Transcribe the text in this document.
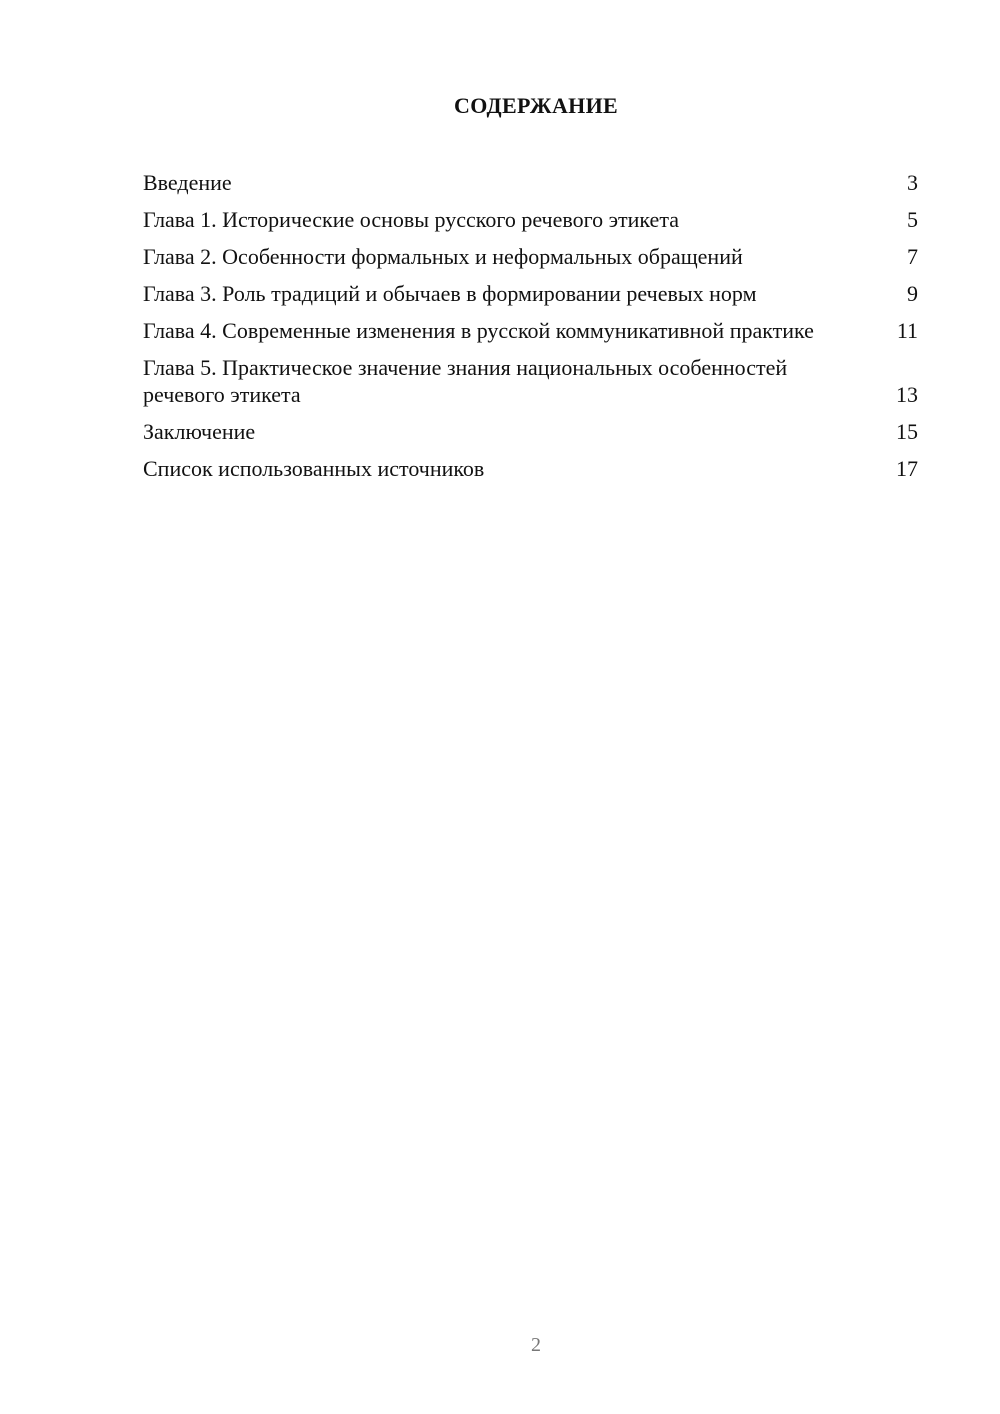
СОДЕРЖАНИЕ
Введение	3
Глава 1. Исторические основы русского речевого этикета	5
Глава 2. Особенности формальных и неформальных обращений	7
Глава 3. Роль традиций и обычаев в формировании речевых норм	9
Глава 4. Современные изменения в русской коммуникативной практике	11
Глава 5. Практическое значение знания национальных особенностей речевого этикета	13
Заключение	15
Список использованных источников	17
2
